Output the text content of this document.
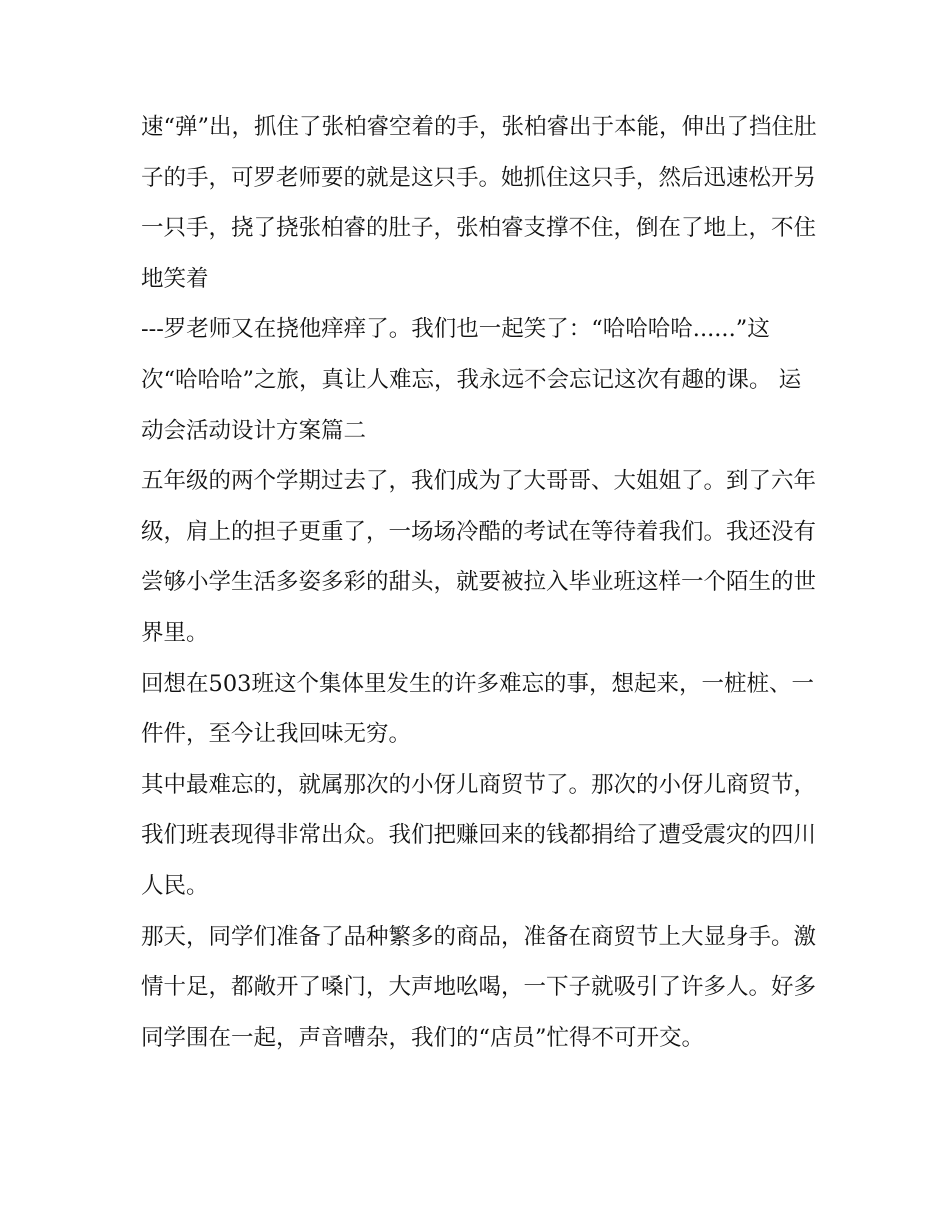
速“弹”出，抓住了张柏睿空着的手，张柏睿出于本能，伸出了挡住肚子的手，可罗老师要的就是这只手。她抓住这只手，然后迅速松开另一只手，挠了挠张柏睿的肚子，张柏睿支撑不住，倒在了地上，不住地笑着

---罗老师又在挠他痒痒了。我们也一起笑了：“哈哈哈哈......”这次“哈哈哈”之旅，真让人难忘，我永远不会忘记这次有趣的课。 运动会活动设计方案篇二

五年级的两个学期过去了，我们成为了大哥哥、大姐姐了。到了六年级，肩上的担子更重了，一场场冷酷的考试在等待着我们。我还没有尝够小学生活多姿多彩的甜头，就要被拉入毕业班这样一个陌生的世界里。

回想在503班这个集体里发生的许多难忘的事，想起来，一桩桩、一件件，至今让我回味无穷。

其中最难忘的，就属那次的小伢儿商贸节了。那次的小伢儿商贸节，我们班表现得非常出众。我们把赚回来的钱都捐给了遭受震灾的四川人民。

那天，同学们准备了品种繁多的商品，准备在商贸节上大显身手。激情十足，都敞开了嗓门，大声地吆喝，一下子就吸引了许多人。好多同学围在一起，声音嘈杂，我们的“店员”忙得不可开交。
